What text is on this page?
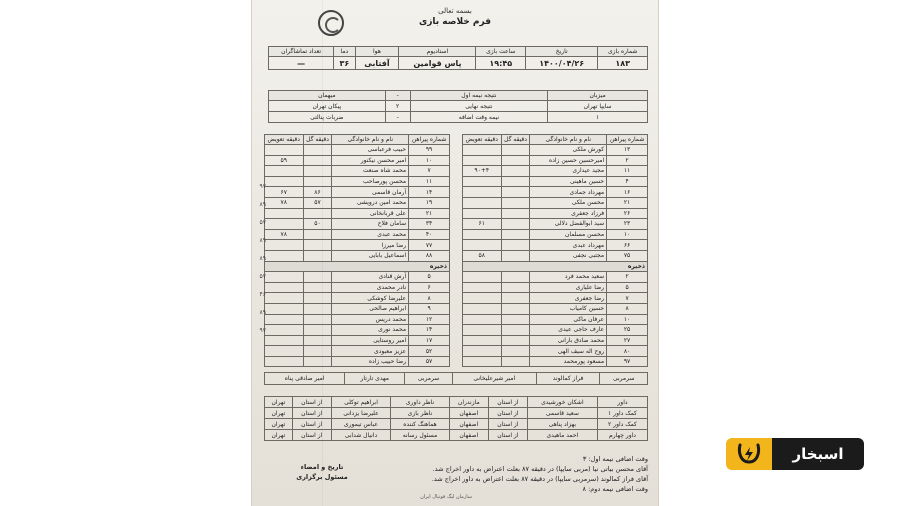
بسمه تعالی
فرم خلاصه بازی
شماره بازی	تاریخ	ساعت بازی	استادیوم	هوا	دما	تعداد تماشاگران
۱۸۳	۱۴۰۰/۰۴/۲۶	۱۹:۴۵	پاس قوامین	آفتابی	۳۶	—
میزبان	نتیجه نیمه اول	-	میهمان
سایپا تهران	نتیجه نهایی	۲	پیکان تهران
۱	نیمه وقت اضافه	-	ضربات پنالتی
شماره پیراهن	نام و نام خانوادگی	دقیقه گل	دقیقه تعویض
۱۳	کورش ملکی		
۲	امیرحسین حسین زاده		
۱۱	مجید عیداری		۹۰+۴
۴	حسین ماهینی		
۱۶	مهرداد جمادی		
۲۱	محسن ملکی		
۲۶	فرزاد جعفری		
۲۳	سید ابوالفضل دلالی		۶۱
۱۰	محسن مسلمان		
۶۶	مهرداد عبدی		
۷۵	مجتبی نجفی		۵۸
ذخیره			
۲	سعید محمد فرد		
۵	رضا علیاری		
۷	رضا جعفری		
۸	حسین کامیاب		
۱۰	عرفان ماکی		
۲۵	عارف حاجی عیدی		
۲۷	محمد صادق بارانی		
۸۰	روح اله سیف الهی		
۹۷	مسعود پورمحمد		
شماره پیراهن	نام و نام خانوادگی	دقیقه گل	دقیقه تعویض
۹۹	حبیب فرعباسی		
۱۰	امیر محسن نیکنور		۵۹
۷	محمد شاه صنعت		
۱۱	محسن پورصاحب		
۱۴	آرمان قاسمی	۸۶	۶۷
۱۹	محمد امین درویشی	۵۷	۷۸
۲۱	علی قربانخانی		
۳۴	سامان فلاح	۵۰	
۴۰	محمد عبدی		۷۸
۷۷	رضا میرزا		
۸۸	اسماعیل بابایی		
ذخیره			
۵	آرش قنادی		
۶	نادر محمدی		
۸	علیرضا کوشکی		
۹	ابراهیم صالحی		
۱۲	محمد دریس		
۱۴	محمد نوری		
۱۷	امیر روستایی		
۵۲	عزیز معبودی		
۵۷	رضا حبیب زاده		
سرمربی	فراز کمالوند	امیر شیرعلیخانی	سرمربی	مهدی تارتار	امیر صادقی پناه
داور	اشکان خورشیدی	از استان	مازندران	ناظر داوری	ابراهیم توکلی	از استان	تهران
کمک داور ۱	سعید قاسمی	از استان	اصفهان	ناظر بازی	علیرضا یزدانی	از استان	تهران
کمک داور ۲	بهزاد پناهی	از استان	اصفهان	هماهنگ کننده	عباس تیموری	از استان	تهران
داور چهارم	احمد ماهیدی	از استان	اصفهان	مسئول رسانه	دانیال شدابی	از استان	تهران
وقت اضافی نیمه اول: ۳
آقای محسن بیاتی نیا (مربی سایپا) در دقیقه ۸۷ بعلت اعتراض به داور اخراج شد.
آقای فراز کمالوند (سرمربی سایپا) در دقیقه ۸۷ بعلت اعتراض به داور اخراج شد.
وقت اضافی نیمه دوم: ۸
تاریخ و امضاء
مسئول برگزاری
سازمان لیگ فوتبال ایران
۹۷
۸۹
۵۷
۸۹
۸۹
۵۷
۴۶
۸۹
۹۷
اسبخار
